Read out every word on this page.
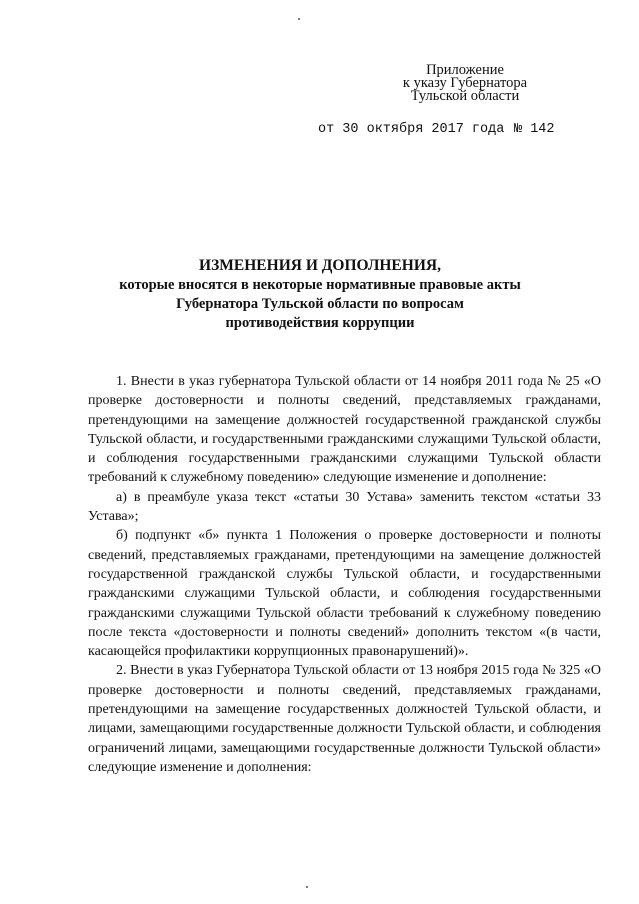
Приложение
к указу Губернатора
Тульской области
от 30 октября 2017 года № 142
ИЗМЕНЕНИЯ И ДОПОЛНЕНИЯ,
которые вносятся в некоторые нормативные правовые акты
Губернатора Тульской области по вопросам
противодействия коррупции

1. Внести в указ губернатора Тульской области от 14 ноября 2011 года № 25 «О проверке достоверности и полноты сведений, представляемых гражданами, претендующими на замещение должностей государственной гражданской службы Тульской области, и государственными гражданскими служащими Тульской области, и соблюдения государственными гражданскими служащими Тульской области требований к служебному поведению» следующие изменение и дополнение:

а) в преамбуле указа текст «статьи 30 Устава» заменить текстом «статьи 33 Устава»;

б) подпункт «б» пункта 1 Положения о проверке достоверности и полноты сведений, представляемых гражданами, претендующими на замещение должностей государственной гражданской службы Тульской области, и государственными гражданскими служащими Тульской области, и соблюдения государственными гражданскими служащими Тульской области требований к служебному поведению после текста «достоверности и полноты сведений» дополнить текстом «(в части, касающейся профилактики коррупционных правонарушений)».

2. Внести в указ Губернатора Тульской области от 13 ноября 2015 года № 325 «О проверке достоверности и полноты сведений, представляемых гражданами, претендующими на замещение государственных должностей Тульской области, и лицами, замещающими государственные должности Тульской области, и соблюдения ограничений лицами, замещающими государственные должности Тульской области» следующие изменение и дополнения:
